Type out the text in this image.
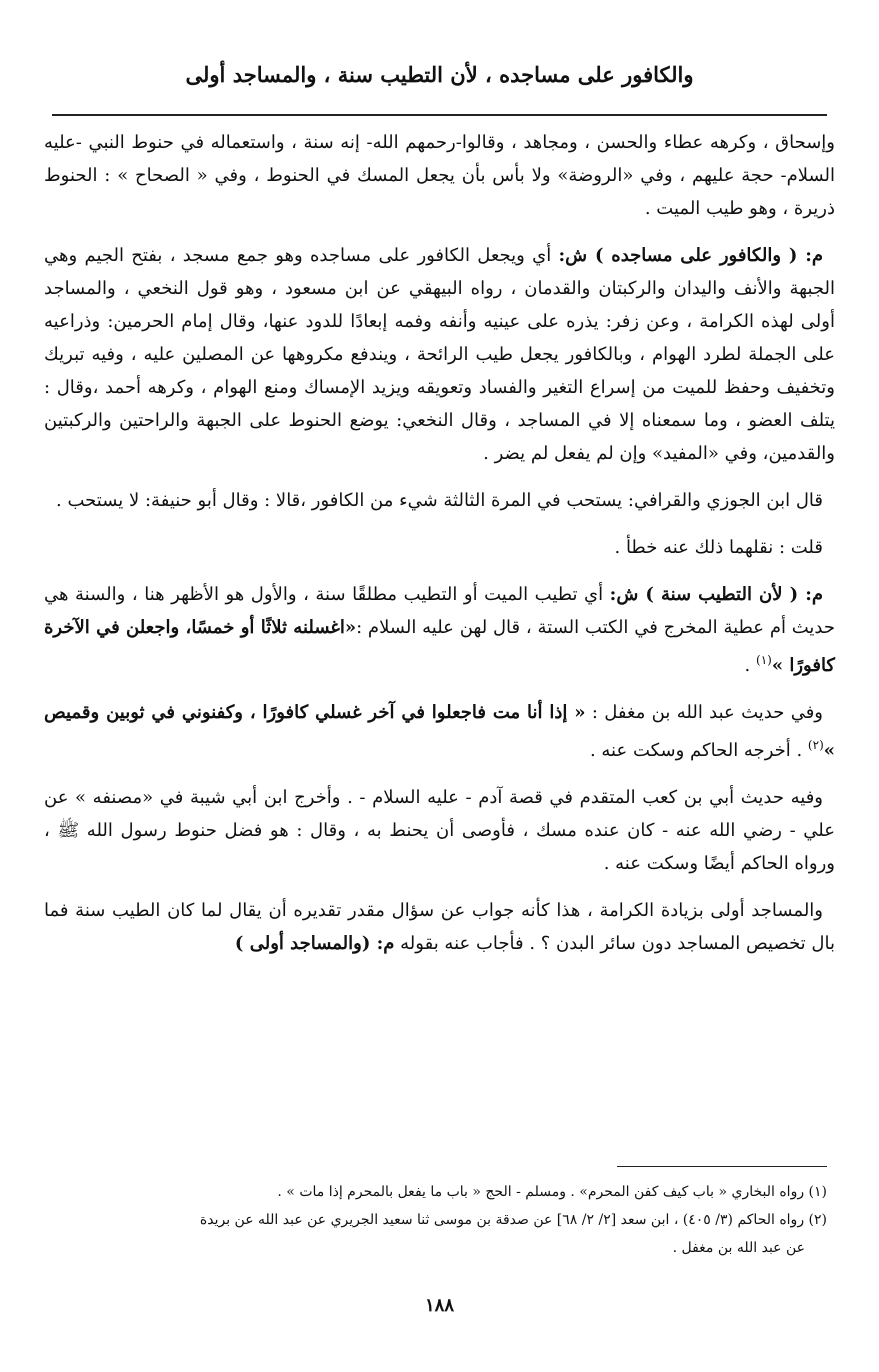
والكافور على مساجده ، لأن التطيب سنة ، والمساجد أولى

وإسحاق ، وكرهه عطاء والحسن ، ومجاهد ، وقالوا-رحمهم الله- إنه سنة ، واستعماله في حنوط النبي -عليه السلام- حجة عليهم ، وفي «الروضة» ولا بأس بأن يجعل المسك في الحنوط ، وفي « الصحاح » : الحنوط ذريرة ، وهو طيب الميت .

م: ( والكافور على مساجده ) ش: أي ويجعل الكافور على مساجده وهو جمع مسجد ، بفتح الجيم وهي الجبهة والأنف واليدان والركبتان والقدمان ، رواه البيهقي عن ابن مسعود ، وهو قول النخعي ، والمساجد أولى لهذه الكرامة ، وعن زفر: يذره على عينيه وأنفه وفمه إبعادًا للدود عنها، وقال إمام الحرمين: وذراعيه على الجملة لطرد الهوام ، وبالكافور يجعل طيب الرائحة ، ويندفع مكروهها عن المصلين عليه ، وفيه تبريك وتخفيف وحفظ للميت من إسراع التغير والفساد وتعويقه ويزيد الإمساك ومنع الهوام ، وكرهه أحمد ،وقال : يتلف العضو ، وما سمعناه إلا في المساجد ، وقال النخعي: يوضع الحنوط على الجبهة والراحتين والركبتين والقدمين، وفي «المفيد» وإن لم يفعل لم يضر .

قال ابن الجوزي والقرافي: يستحب في المرة الثالثة شيء من الكافور ،قالا : وقال أبو حنيفة: لا يستحب .

قلت : نقلهما ذلك عنه خطأ .

م: ( لأن التطيب سنة ) ش: أي تطيب الميت أو التطيب مطلقًا سنة ، والأول هو الأظهر هنا ، والسنة هي حديث أم عطية المخرج في الكتب الستة ، قال لهن عليه السلام :«اغسلنه ثلاثًا أو خمسًا، واجعلن في الآخرة كافورًا »$^{(١)}$ .

وفي حديث عبد الله بن مغفل : « إذا أنا مت فاجعلوا في آخر غسلي كافورًا ، وكفنوني في ثوبين وقميص »$^{(٢)}$ . أخرجه الحاكم وسكت عنه .

وفيه حديث أبي بن كعب المتقدم في قصة آدم - عليه السلام - . وأخرج ابن أبي شيبة في «مصنفه » عن علي - رضي الله عنه - كان عنده مسك ، فأوصى أن يحنط به ، وقال : هو فضل حنوط رسول الله ﷺ ، ورواه الحاكم أيضًا وسكت عنه .

والمساجد أولى بزيادة الكرامة ، هذا كأنه جواب عن سؤال مقدر تقديره أن يقال لما كان الطيب سنة فما بال تخصيص المساجد دون سائر البدن ؟ . فأجاب عنه بقوله م: (والمساجد أولى )

(١) رواه البخاري « باب كيف كفن المحرم» . ومسلم - الحج « باب ما يفعل بالمحرم إذا مات » .

(٢) رواه الحاكم (٣/ ٤٠٥) ، ابن سعد [٢/ ٢/ ٦٨] عن صدقة بن موسى ثنا سعيد الجريري عن عبد الله عن بريدة

عن عبد الله بن مغفل .

١٨٨
